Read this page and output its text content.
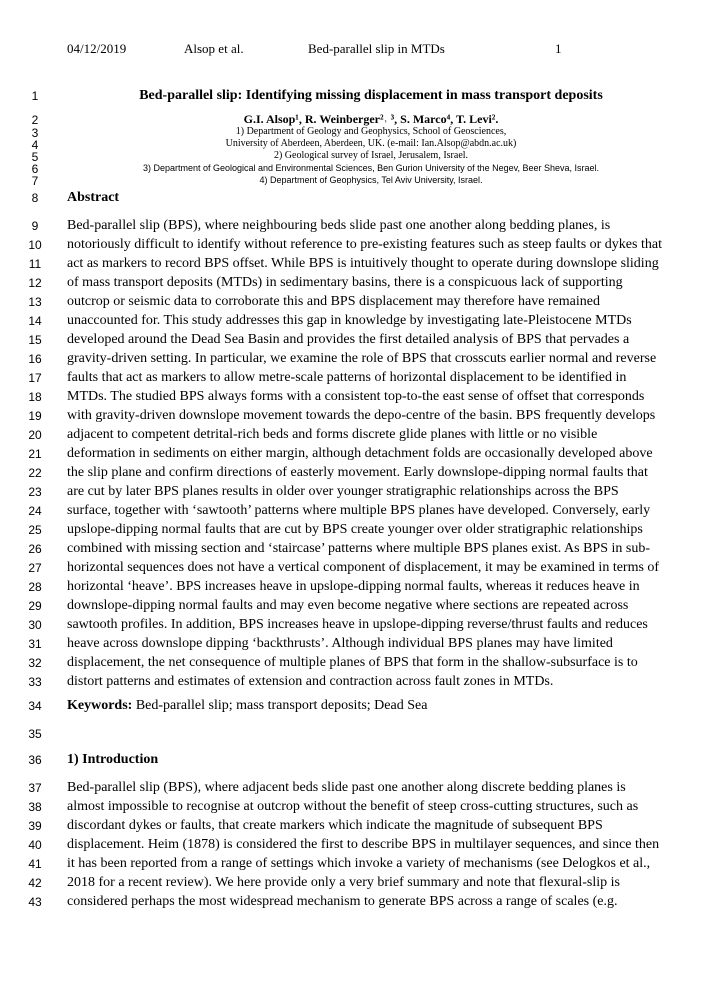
04/12/2019	Alsop et al.	Bed-parallel slip in MTDs	1
1
2
3
4
5
6
7
8
9
10
11
12
13
14
15
16
17
18
19
20
21
22
23
24
25
26
27
28
29
30
31
32
33
34
35
36
37
38
39
40
41
42
43
Bed-parallel slip: Identifying missing displacement in mass transport deposits
G.I. Alsop¹, R. Weinberger²˒ ³, S. Marco⁴, T. Levi².
1) Department of Geology and Geophysics, School of Geosciences,
University of Aberdeen, Aberdeen, UK. (e-mail: Ian.Alsop@abdn.ac.uk)
2) Geological survey of Israel, Jerusalem, Israel.
3) Department of Geological and Environmental Sciences, Ben Gurion University of the Negev, Beer Sheva, Israel.
4) Department of Geophysics, Tel Aviv University, Israel.
Abstract
Bed-parallel slip (BPS), where neighbouring beds slide past one another along bedding planes, is
notoriously difficult to identify without reference to pre-existing features such as steep faults or dykes that
act as markers to record BPS offset. While BPS is intuitively thought to operate during downslope sliding
of mass transport deposits (MTDs) in sedimentary basins, there is a conspicuous lack of supporting
outcrop or seismic data to corroborate this and BPS displacement may therefore have remained
unaccounted for. This study addresses this gap in knowledge by investigating late-Pleistocene MTDs
developed around the Dead Sea Basin and provides the first detailed analysis of BPS that pervades a
gravity-driven setting. In particular, we examine the role of BPS that crosscuts earlier normal and reverse
faults that act as markers to allow metre-scale patterns of horizontal displacement to be identified in
MTDs. The studied BPS always forms with a consistent top-to-the east sense of offset that corresponds
with gravity-driven downslope movement towards the depo-centre of the basin. BPS frequently develops
adjacent to competent detrital-rich beds and forms discrete glide planes with little or no visible
deformation in sediments on either margin, although detachment folds are occasionally developed above
the slip plane and confirm directions of easterly movement. Early downslope-dipping normal faults that
are cut by later BPS planes results in older over younger stratigraphic relationships across the BPS
surface, together with ‘sawtooth’ patterns where multiple BPS planes have developed. Conversely, early
upslope-dipping normal faults that are cut by BPS create younger over older stratigraphic relationships
combined with missing section and ‘staircase’ patterns where multiple BPS planes exist. As BPS in sub-
horizontal sequences does not have a vertical component of displacement, it may be examined in terms of
horizontal ‘heave’. BPS increases heave in upslope-dipping normal faults, whereas it reduces heave in
downslope-dipping normal faults and may even become negative where sections are repeated across
sawtooth profiles. In addition, BPS increases heave in upslope-dipping reverse/thrust faults and reduces
heave across downslope dipping ‘backthrusts’. Although individual BPS planes may have limited
displacement, the net consequence of multiple planes of BPS that form in the shallow-subsurface is to
distort patterns and estimates of extension and contraction across fault zones in MTDs.
Keywords: Bed-parallel slip; mass transport deposits; Dead Sea
1) Introduction
Bed-parallel slip (BPS), where adjacent beds slide past one another along discrete bedding planes is
almost impossible to recognise at outcrop without the benefit of steep cross-cutting structures, such as
discordant dykes or faults, that create markers which indicate the magnitude of subsequent BPS
displacement. Heim (1878) is considered the first to describe BPS in multilayer sequences, and since then
it has been reported from a range of settings which invoke a variety of mechanisms (see Delogkos et al.,
2018 for a recent review). We here provide only a very brief summary and note that flexural-slip is
considered perhaps the most widespread mechanism to generate BPS across a range of scales (e.g.
